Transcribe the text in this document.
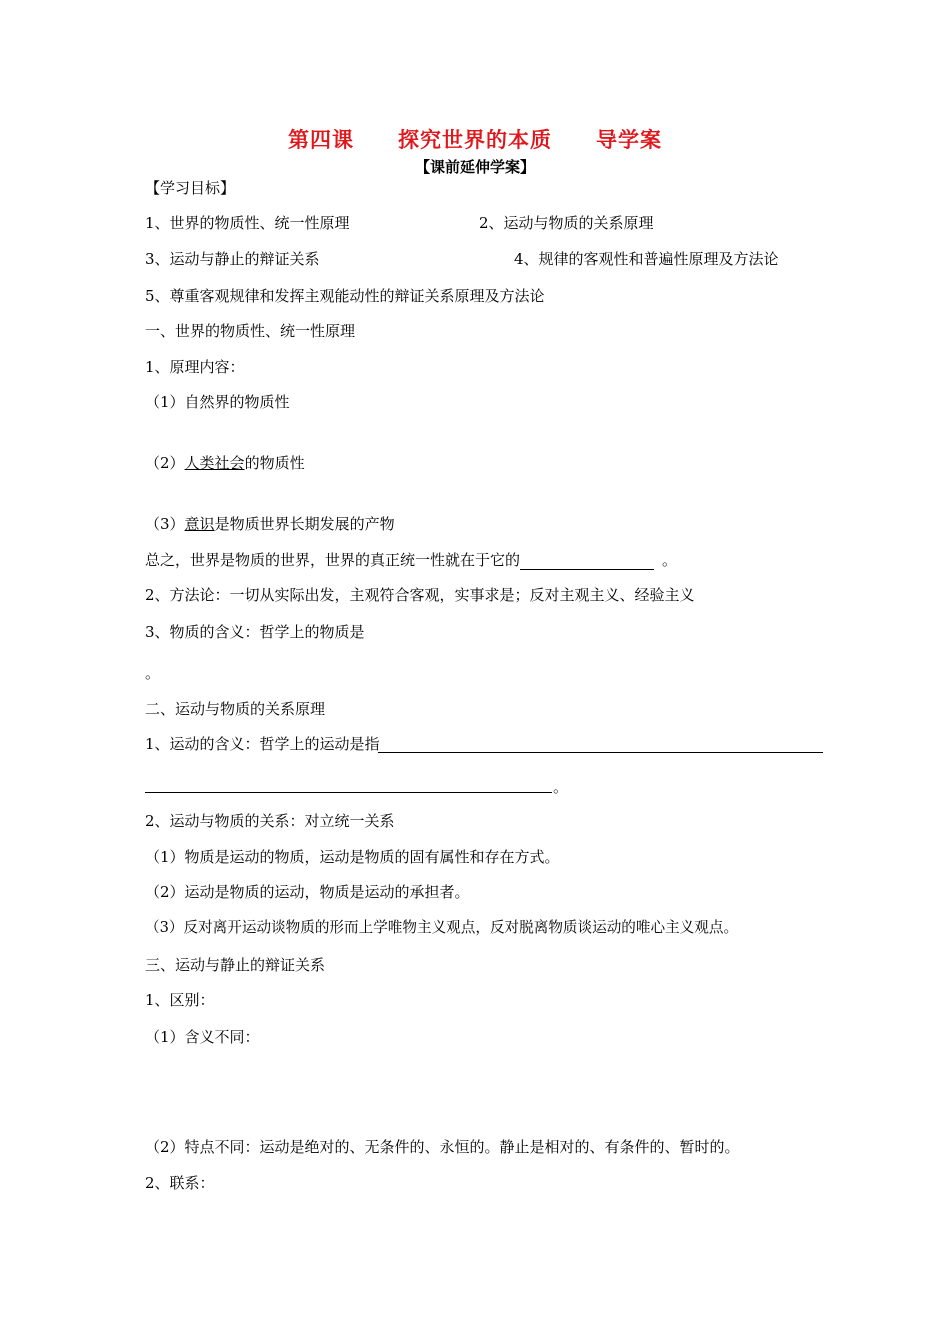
第四课　　探究世界的本质　　导学案
【课前延伸学案】
【学习目标】
1、世界的物质性、统一性原理	2、运动与物质的关系原理
3、运动与静止的辩证关系	4、规律的客观性和普遍性原理及方法论
5、尊重客观规律和发挥主观能动性的辩证关系原理及方法论
一、世界的物质性、统一性原理
1、原理内容：
（1）自然界的物质性
（2）人类社会的物质性
（3）意识是物质世界长期发展的产物
总之，世界是物质的世界，世界的真正统一性就在于它的	。
2、方法论：一切从实际出发，主观符合客观，实事求是；反对主观主义、经验主义
3、物质的含义：哲学上的物质是
。
二、运动与物质的关系原理
1、运动的含义：哲学上的运动是指
。
2、运动与物质的关系：对立统一关系
（1）物质是运动的物质，运动是物质的固有属性和存在方式。
（2）运动是物质的运动，物质是运动的承担者。
（3）反对离开运动谈物质的形而上学唯物主义观点，反对脱离物质谈运动的唯心主义观点。
三、运动与静止的辩证关系
1、区别：
（1）含义不同：
（2）特点不同：运动是绝对的、无条件的、永恒的。静止是相对的、有条件的、暂时的。
2、联系：
